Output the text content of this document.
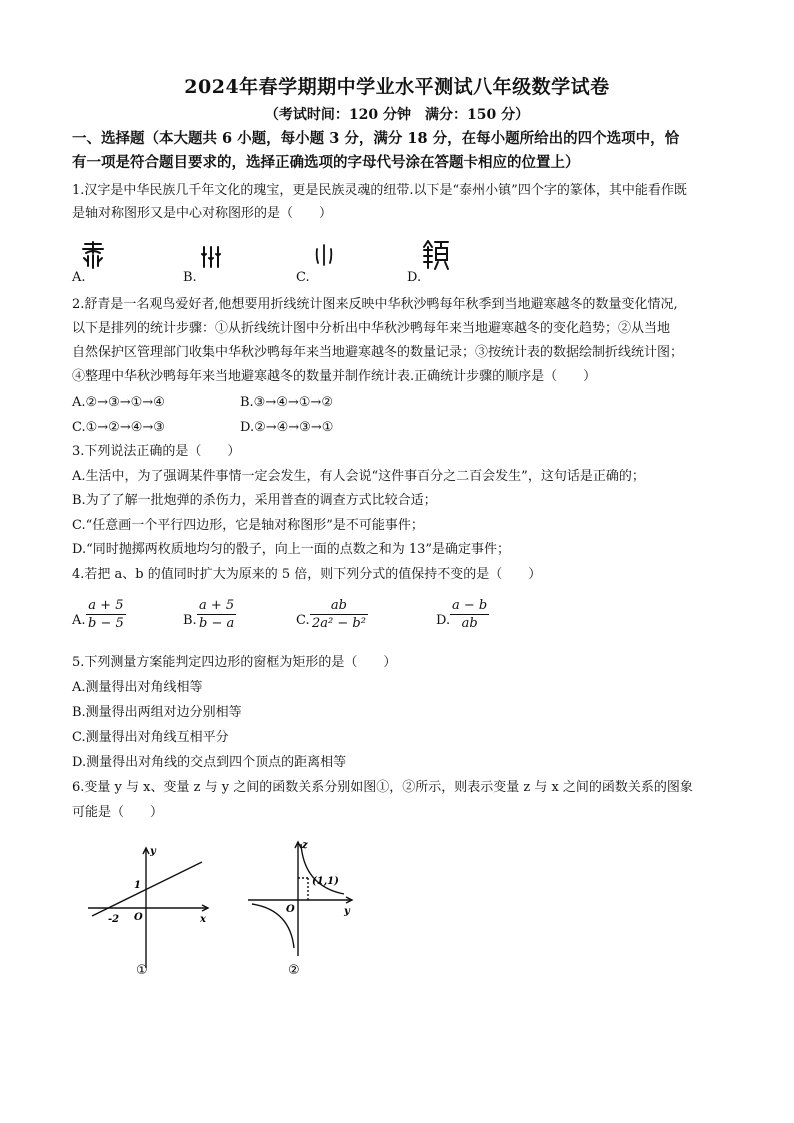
2024年春学期期中学业水平测试八年级数学试卷
（考试时间：120 分钟　满分：150 分）
一、选择题（本大题共 6 小题，每小题 3 分，满分 18 分，在每小题所给出的四个选项中，恰
有一项是符合题目要求的，选择正确选项的字母代号涂在答题卡相应的位置上）
1.汉字是中华民族几千年文化的瑰宝，更是民族灵魂的纽带.以下是“泰州小镇”四个字的篆体，其中能看作既
是轴对称图形又是中心对称图形的是（　　）
A.	B.	C.	D.
2.舒青是一名观鸟爱好者,他想要用折线统计图来反映中华秋沙鸭每年秋季到当地避寒越冬的数量变化情况,
以下是排列的统计步骤：①从折线统计图中分析出中华秋沙鸭每年来当地避寒越冬的变化趋势；②从当地
自然保护区管理部门收集中华秋沙鸭每年来当地避寒越冬的数量记录；③按统计表的数据绘制折线统计图；
④整理中华秋沙鸭每年来当地避寒越冬的数量并制作统计表.正确统计步骤的顺序是（　　）
A.②→③→①→④	B.③→④→①→②
C.①→②→④→③	D.②→④→③→①
3.下列说法正确的是（　　）
A.生活中，为了强调某件事情一定会发生，有人会说“这件事百分之二百会发生”，这句话是正确的；
B.为了了解一批炮弹的杀伤力，采用普查的调查方式比较合适；
C.“任意画一个平行四边形，它是轴对称图形”是不可能事件；
D.“同时抛掷两枚质地均匀的骰子，向上一面的点数之和为 13”是确定事件；
4.若把 a、b 的值同时扩大为原来的 5 倍，则下列分式的值保持不变的是（　　）
A. $\frac{a + 5}{b - 5}$	B. $\frac{a + 5}{b - a}$	C. $\frac{ab}{\text{2a² − b²}}$	D. $\frac{a - b}{ab}$
5.下列测量方案能判定四边形的窗框为矩形的是（　　）
A.测量得出对角线相等
B.测量得出两组对边分别相等
C.测量得出对角线互相平分
D.测量得出对角线的交点到四个顶点的距离相等
6.变量 y 与 x、变量 z 与 y 之间的函数关系分别如图①，②所示，则表示变量 z 与 x 之间的函数关系的图象
可能是（　　）
y
x
1
-2 O
①
z
y
(1,1)
O
②
